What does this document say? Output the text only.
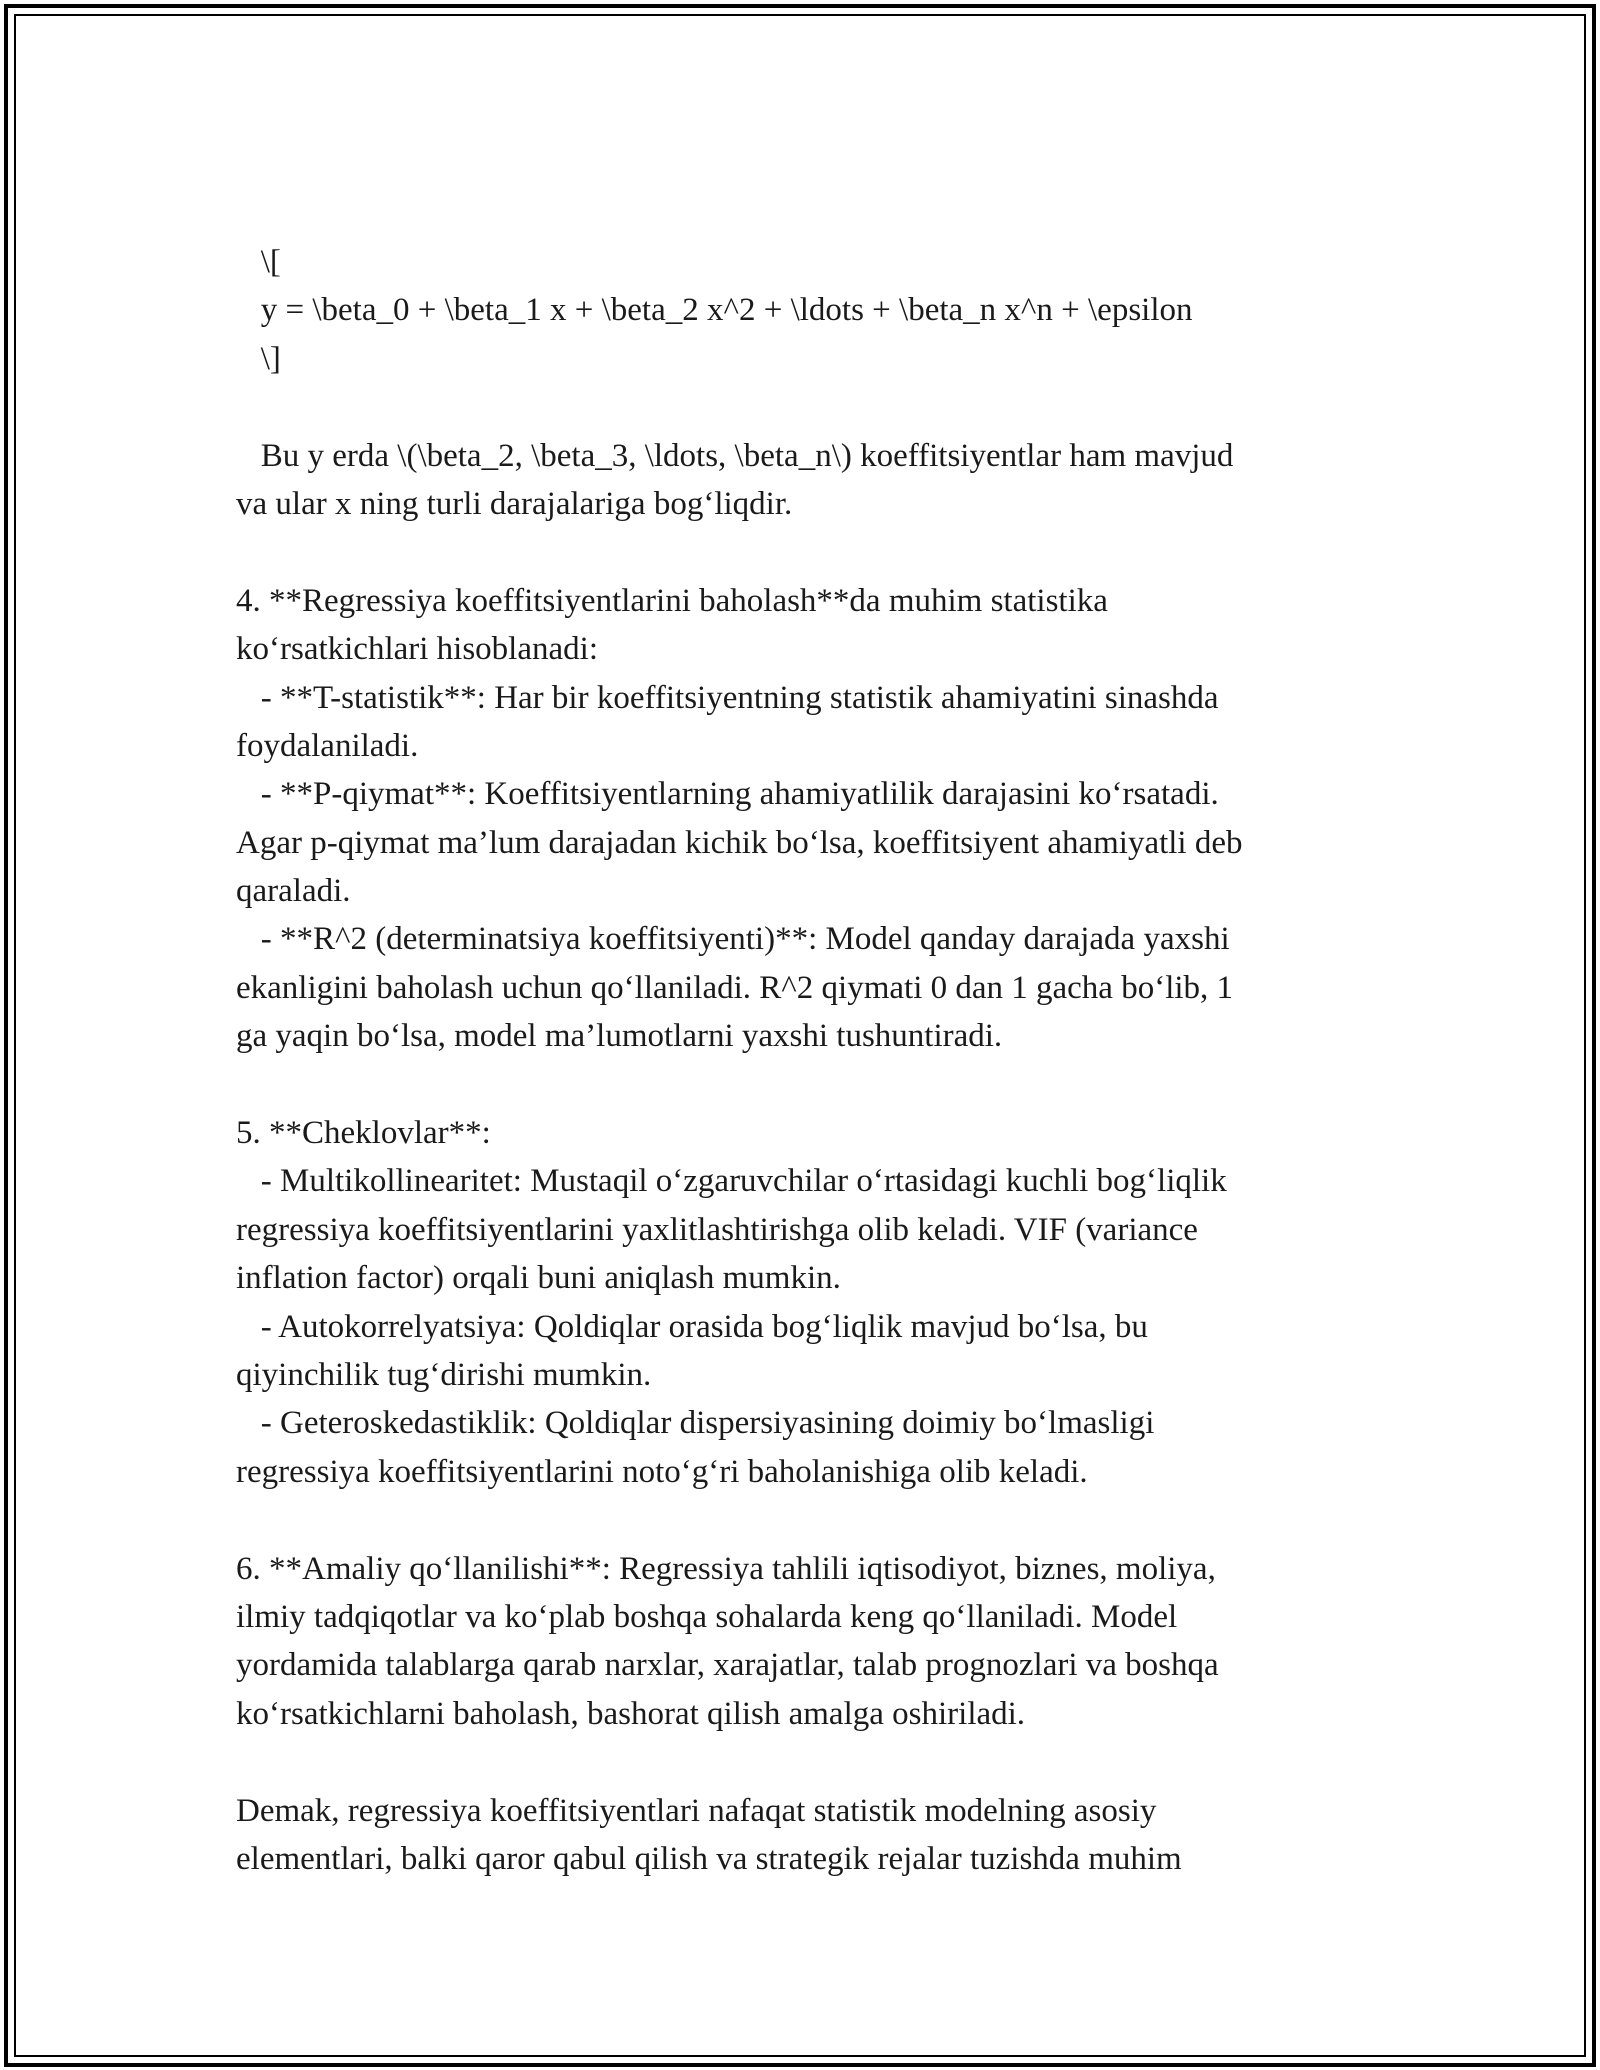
\[
y = \beta_0 + \beta_1 x + \beta_2 x^2 + \ldots + \beta_n x^n + \epsilon
\]
Bu y erda \(\beta_2, \beta_3, \ldots, \beta_n\) koeffitsiyentlar ham mavjud
va ular x ning turli darajalariga bog‘liqdir.
4. **Regressiya koeffitsiyentlarini baholash**da muhim statistika
ko‘rsatkichlari hisoblanadi:
- **T-statistik**: Har bir koeffitsiyentning statistik ahamiyatini sinashda
foydalaniladi.
- **P-qiymat**: Koeffitsiyentlarning ahamiyatlilik darajasini ko‘rsatadi.
Agar p-qiymat ma’lum darajadan kichik bo‘lsa, koeffitsiyent ahamiyatli deb
qaraladi.
- **R^2 (determinatsiya koeffitsiyenti)**: Model qanday darajada yaxshi
ekanligini baholash uchun qo‘llaniladi. R^2 qiymati 0 dan 1 gacha bo‘lib, 1
ga yaqin bo‘lsa, model ma’lumotlarni yaxshi tushuntiradi.
5. **Cheklovlar**:
- Multikollinearitet: Mustaqil o‘zgaruvchilar o‘rtasidagi kuchli bog‘liqlik
regressiya koeffitsiyentlarini yaxlitlashtirishga olib keladi. VIF (variance
inflation factor) orqali buni aniqlash mumkin.
- Autokorrelyatsiya: Qoldiqlar orasida bog‘liqlik mavjud bo‘lsa, bu
qiyinchilik tug‘dirishi mumkin.
- Geteroskedastiklik: Qoldiqlar dispersiyasining doimiy bo‘lmasligi
regressiya koeffitsiyentlarini noto‘g‘ri baholanishiga olib keladi.
6. **Amaliy qo‘llanilishi**: Regressiya tahlili iqtisodiyot, biznes, moliya,
ilmiy tadqiqotlar va ko‘plab boshqa sohalarda keng qo‘llaniladi. Model
yordamida talablarga qarab narxlar, xarajatlar, talab prognozlari va boshqa
ko‘rsatkichlarni baholash, bashorat qilish amalga oshiriladi.
Demak, regressiya koeffitsiyentlari nafaqat statistik modelning asosiy
elementlari, balki qaror qabul qilish va strategik rejalar tuzishda muhim
